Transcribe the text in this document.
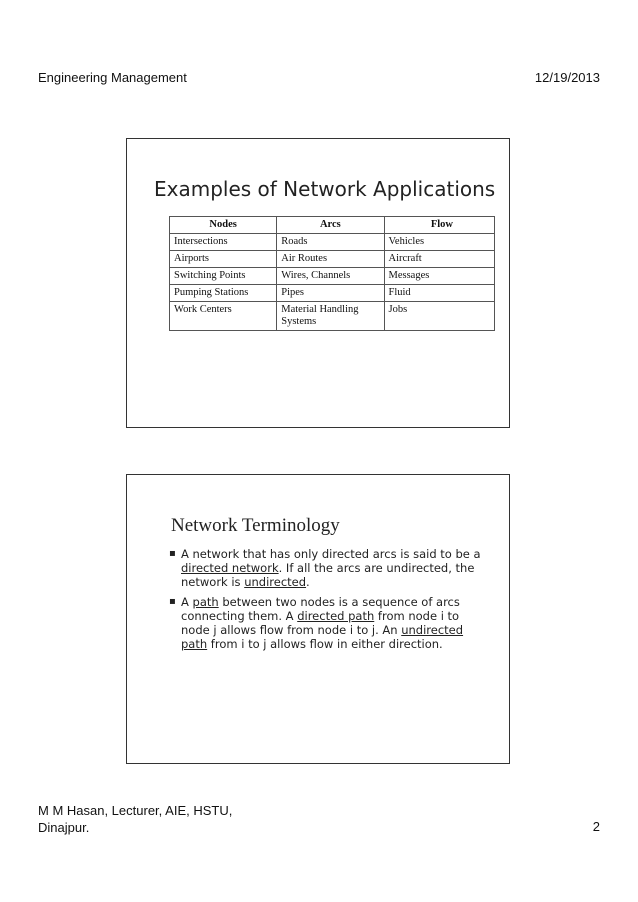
Engineering Management	12/19/2013
Examples of Network Applications
Nodes	Arcs	Flow
Intersections	Roads	Vehicles
Airports	Air Routes	Aircraft
Switching Points	Wires, Channels	Messages
Pumping Stations	Pipes	Fluid
Work Centers	Material Handling Systems	Jobs
Network Terminology
▪ A network that has only directed arcs is said to be a directed network. If all the arcs are undirected, the network is undirected.
▪ A path between two nodes is a sequence of arcs connecting them. A directed path from node i to node j allows flow from node i to j. An undirected path from i to j allows flow in either direction.
M M Hasan, Lecturer, AIE, HSTU,
Dinajpur.	2
